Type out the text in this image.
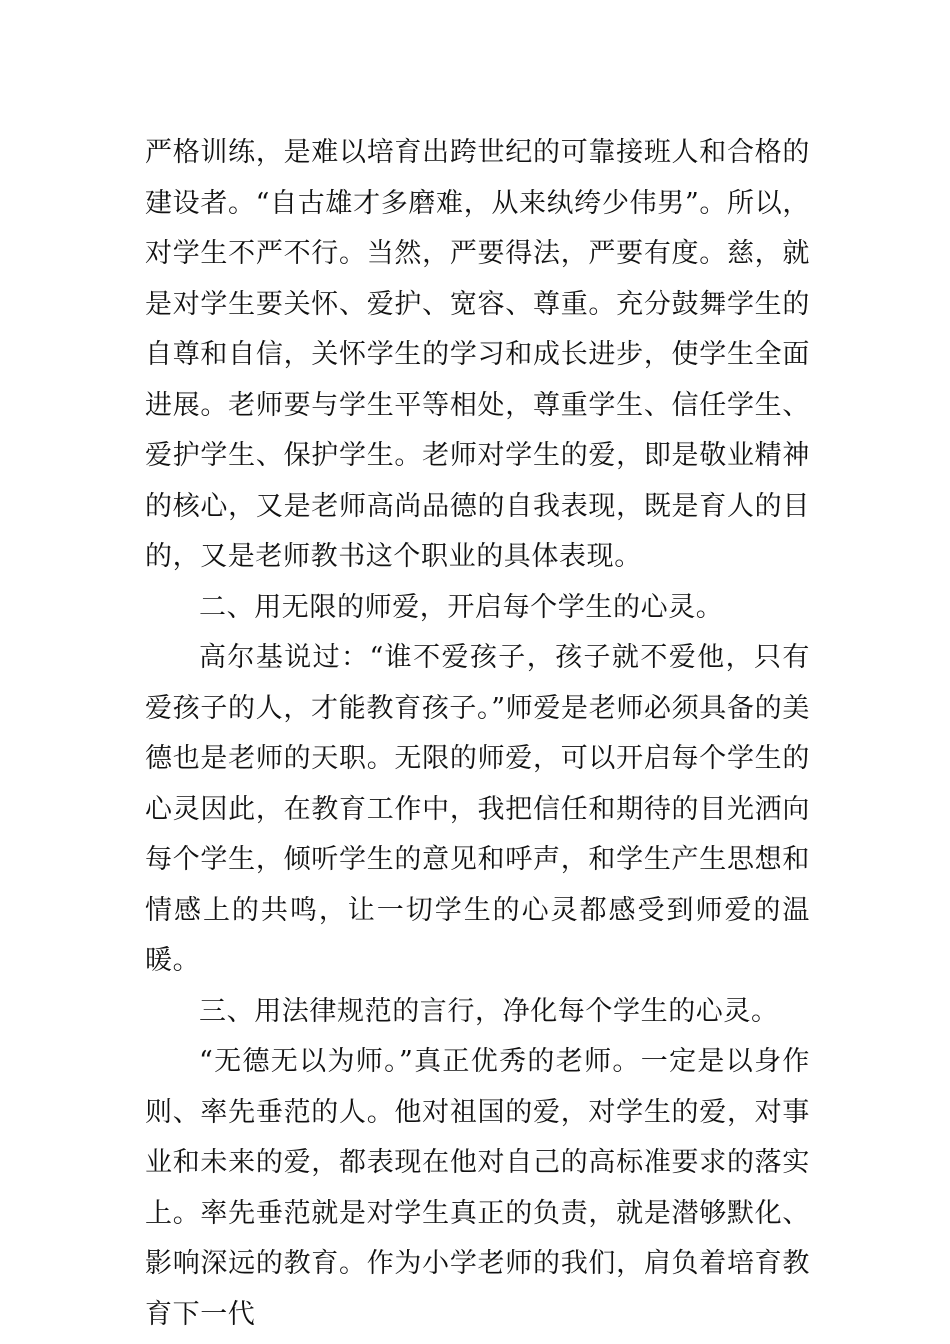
严格训练，是难以培育出跨世纪的可靠接班人和合格的建设者。“自古雄才多磨难，从来纨绔少伟男”。所以，对学生不严不行。当然，严要得法，严要有度。慈，就是对学生要关怀、爱护、宽容、尊重。充分鼓舞学生的自尊和自信，关怀学生的学习和成长进步，使学生全面进展。老师要与学生平等相处，尊重学生、信任学生、爱护学生、保护学生。老师对学生的爱，即是敬业精神的核心，又是老师高尚品德的自我表现，既是育人的目的，又是老师教书这个职业的具体表现。

二、用无限的师爱，开启每个学生的心灵。

高尔基说过：“谁不爱孩子，孩子就不爱他，只有爱孩子的人，才能教育孩子。”师爱是老师必须具备的美德也是老师的天职。无限的师爱，可以开启每个学生的心灵因此，在教育工作中，我把信任和期待的目光洒向每个学生，倾听学生的意见和呼声，和学生产生思想和情感上的共鸣，让一切学生的心灵都感受到师爱的温暖。

三、用法律规范的言行，净化每个学生的心灵。

“无德无以为师。”真正优秀的老师。一定是以身作则、率先垂范的人。他对祖国的爱，对学生的爱，对事业和未来的爱，都表现在他对自己的高标准要求的落实上。率先垂范就是对学生真正的负责，就是潜够默化、影响深远的教育。作为小学老师的我们，肩负着培育教育下一代
